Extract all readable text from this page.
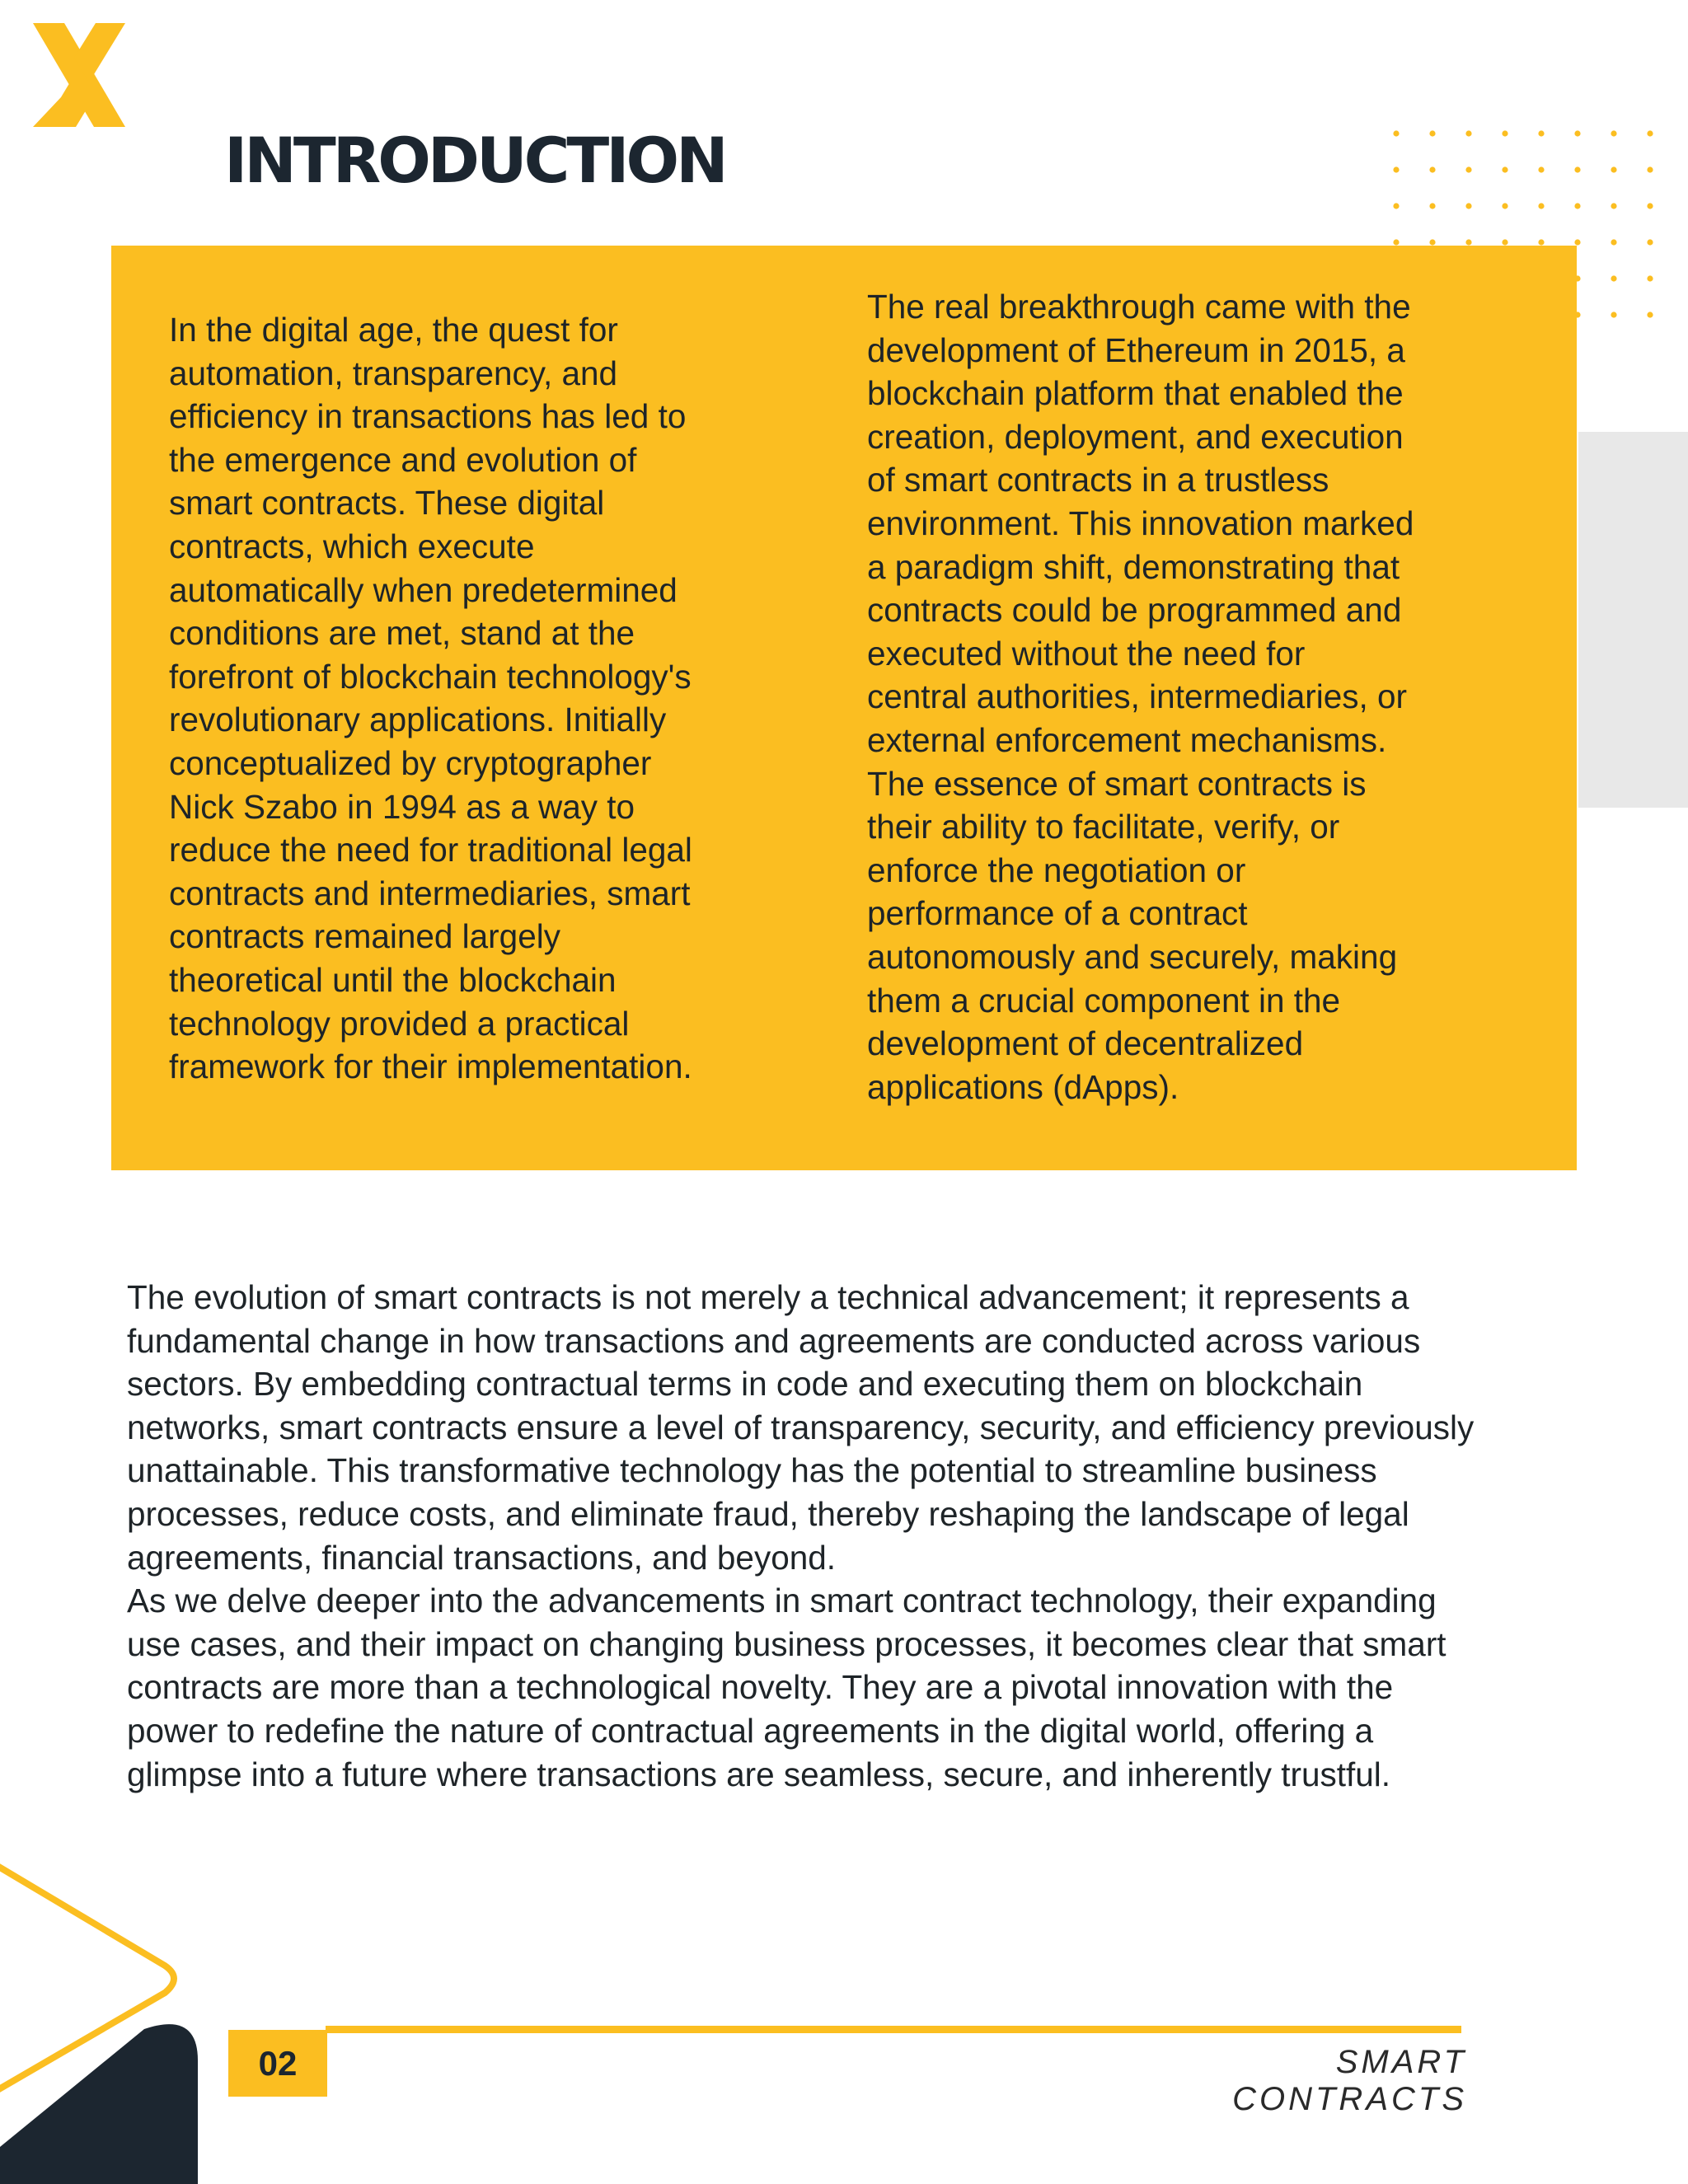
INTRODUCTION

In the digital age, the quest for
automation, transparency, and
efficiency in transactions has led to
the emergence and evolution of
smart contracts. These digital
contracts, which execute
automatically when predetermined
conditions are met, stand at the
forefront of blockchain technology's
revolutionary applications. Initially
conceptualized by cryptographer
Nick Szabo in 1994 as a way to
reduce the need for traditional legal
contracts and intermediaries, smart
contracts remained largely
theoretical until the blockchain
technology provided a practical
framework for their implementation.

The real breakthrough came with the
development of Ethereum in 2015, a
blockchain platform that enabled the
creation, deployment, and execution
of smart contracts in a trustless
environment. This innovation marked
a paradigm shift, demonstrating that
contracts could be programmed and
executed without the need for
central authorities, intermediaries, or
external enforcement mechanisms.
The essence of smart contracts is
their ability to facilitate, verify, or
enforce the negotiation or
performance of a contract
autonomously and securely, making
them a crucial component in the
development of decentralized
applications (dApps).

The evolution of smart contracts is not merely a technical advancement; it represents a
fundamental change in how transactions and agreements are conducted across various
sectors. By embedding contractual terms in code and executing them on blockchain
networks, smart contracts ensure a level of transparency, security, and efficiency previously
unattainable. This transformative technology has the potential to streamline business
processes, reduce costs, and eliminate fraud, thereby reshaping the landscape of legal
agreements, financial transactions, and beyond.
As we delve deeper into the advancements in smart contract technology, their expanding
use cases, and their impact on changing business processes, it becomes clear that smart
contracts are more than a technological novelty. They are a pivotal innovation with the
power to redefine the nature of contractual agreements in the digital world, offering a
glimpse into a future where transactions are seamless, secure, and inherently trustful.

02	SMART CONTRACTS
